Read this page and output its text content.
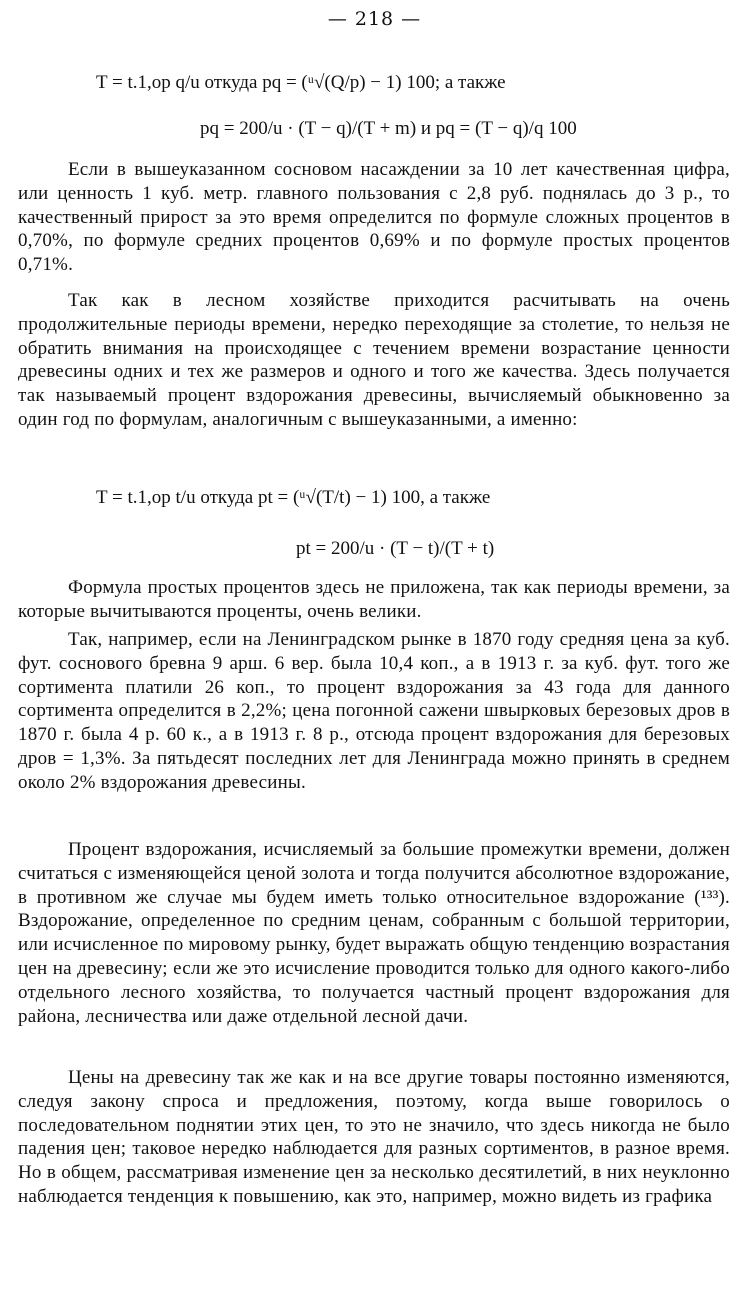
— 218 —
T = t.1,op q/u откуда pq = (ᵘ√(Q/p) − 1) 100; а также
pq = 200/u · (T − q)/(T + m) и pq = (T − q)/q 100

Если в вышеуказанном сосновом насаждении за 10 лет качественная цифра, или ценность 1 куб. метр. главного пользования с 2,8 руб. поднялась до 3 р., то качественный прирост за это время определится по формуле сложных процентов в 0,70%, по формуле средних процентов 0,69% и по формуле простых процентов 0,71%.

Так как в лесном хозяйстве приходится расчитывать на очень продолжительные периоды времени, нередко переходящие за столетие, то нельзя не обратить внимания на происходящее с течением времени возрастание ценности древесины одних и тех же размеров и одного и того же качества. Здесь получается так называемый процент вздорожания древесины, вычисляемый обыкновенно за один год по формулам, аналогичным с вышеуказанными, а именно:

T = t.1,op t/u откуда pt = (ᵘ√(T/t) − 1) 100, а также
pt = 200/u · (T − t)/(T + t)

Формула простых процентов здесь не приложена, так как периоды времени, за которые вычитываются проценты, очень велики.

Так, например, если на Ленинградском рынке в 1870 году средняя цена за куб. фут. соснового бревна 9 арш. 6 вер. была 10,4 коп., а в 1913 г. за куб. фут. того же сортимента платили 26 коп., то процент вздорожания за 43 года для данного сортимента определится в 2,2%; цена погонной сажени швырковых березовых дров в 1870 г. была 4 р. 60 к., а в 1913 г. 8 р., отсюда процент вздорожания для березовых дров = 1,3%. За пятьдесят последних лет для Ленинграда можно принять в среднем около 2% вздорожания древесины.

Процент вздорожания, исчисляемый за большие промежутки времени, должен считаться с изменяющейся ценой золота и тогда получится абсолютное вздорожание, в противном же случае мы будем иметь только относительное вздорожание (¹³³). Вздорожание, определенное по средним ценам, собранным с большой территории, или исчисленное по мировому рынку, будет выражать общую тенденцию возрастания цен на древесину; если же это исчисление проводится только для одного какого-либо отдельного лесного хозяйства, то получается частный процент вздорожания для района, лесничества или даже отдельной лесной дачи.

Цены на древесину так же как и на все другие товары постоянно изменяются, следуя закону спроса и предложения, поэтому, когда выше говорилось о последовательном поднятии этих цен, то это не значило, что здесь никогда не было падения цен; таковое нередко наблюдается для разных сортиментов, в разное время. Но в общем, рассматривая изменение цен за несколько десятилетий, в них неуклонно наблюдается тенденция к повышению, как это, например, можно видеть из графика
